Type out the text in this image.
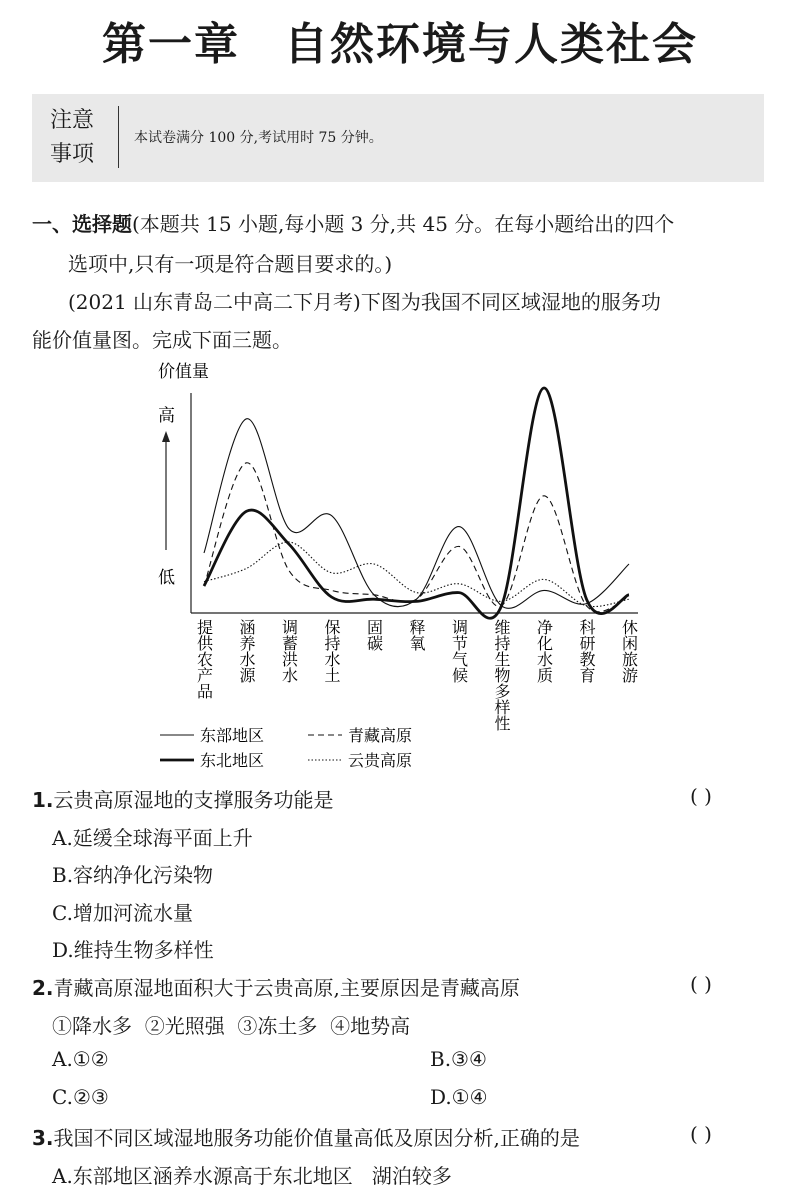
第一章 自然环境与人类社会
注意
事项
本试卷满分 100 分,考试用时 75 分钟。
一、选择题(本题共 15 小题,每小题 3 分,共 45 分。在每小题给出的四个
选项中,只有一项是符合题目要求的。)
(2021 山东青岛二中高二下月考)下图为我国不同区域湿地的服务功
能价值量图。完成下面三题。
价值量
高
低
提供农产品 涵养水源 调蓄洪水 保持水土 固碳 释氧 调节气候 维持生物多样性 净化水质 科研教育 休闲旅游
东部地区	青藏高原
东北地区	云贵高原
1.云贵高原湿地的支撑服务功能是	( )
A.延缓全球海平面上升
B.容纳净化污染物
C.增加河流水量
D.维持生物多样性
2.青藏高原湿地面积大于云贵高原,主要原因是青藏高原	( )
①降水多  ②光照强  ③冻土多  ④地势高
A.①②	B.③④
C.②③	D.①④
3.我国不同区域湿地服务功能价值量高低及原因分析,正确的是	( )
A.东部地区涵养水源高于东北地区   湖泊较多
